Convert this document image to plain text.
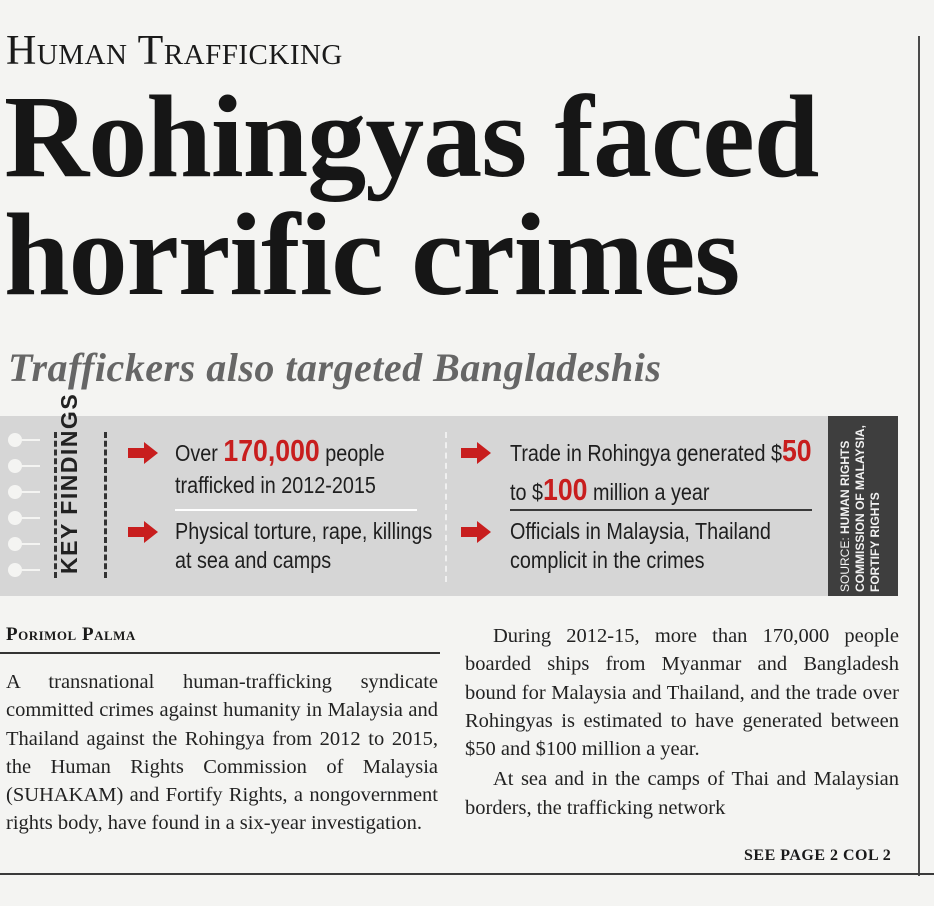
Human Trafficking
Rohingyas faced
horrific crimes
Traffickers also targeted Bangladeshis
KEY FINDINGS	Over 170,000 people
trafficked in 2012-2015
Physical torture, rape, killings
at sea and camps
Trade in Rohingya generated $50
to $100 million a year
Officials in Malaysia, Thailand
complicit in the crimes	SOURCE: HUMAN RIGHTS
COMMISSION OF MALAYSIA,
FORTIFY RIGHTS
Porimol Palma

A transnational human-trafficking syndicate committed crimes against humanity in Malaysia and Thailand against the Rohingya from 2012 to 2015, the Human Rights Commission of Malaysia (SUHAKAM) and Fortify Rights, a nongovernment rights body, have found in a six-year investigation.

During 2012-15, more than 170,000 people boarded ships from Myanmar and Bangladesh bound for Malaysia and Thailand, and the trade over Rohingyas is estimated to have generated between $50 and $100 million a year.

At sea and in the camps of Thai and Malaysian borders, the trafficking network

SEE PAGE 2 COL 2
